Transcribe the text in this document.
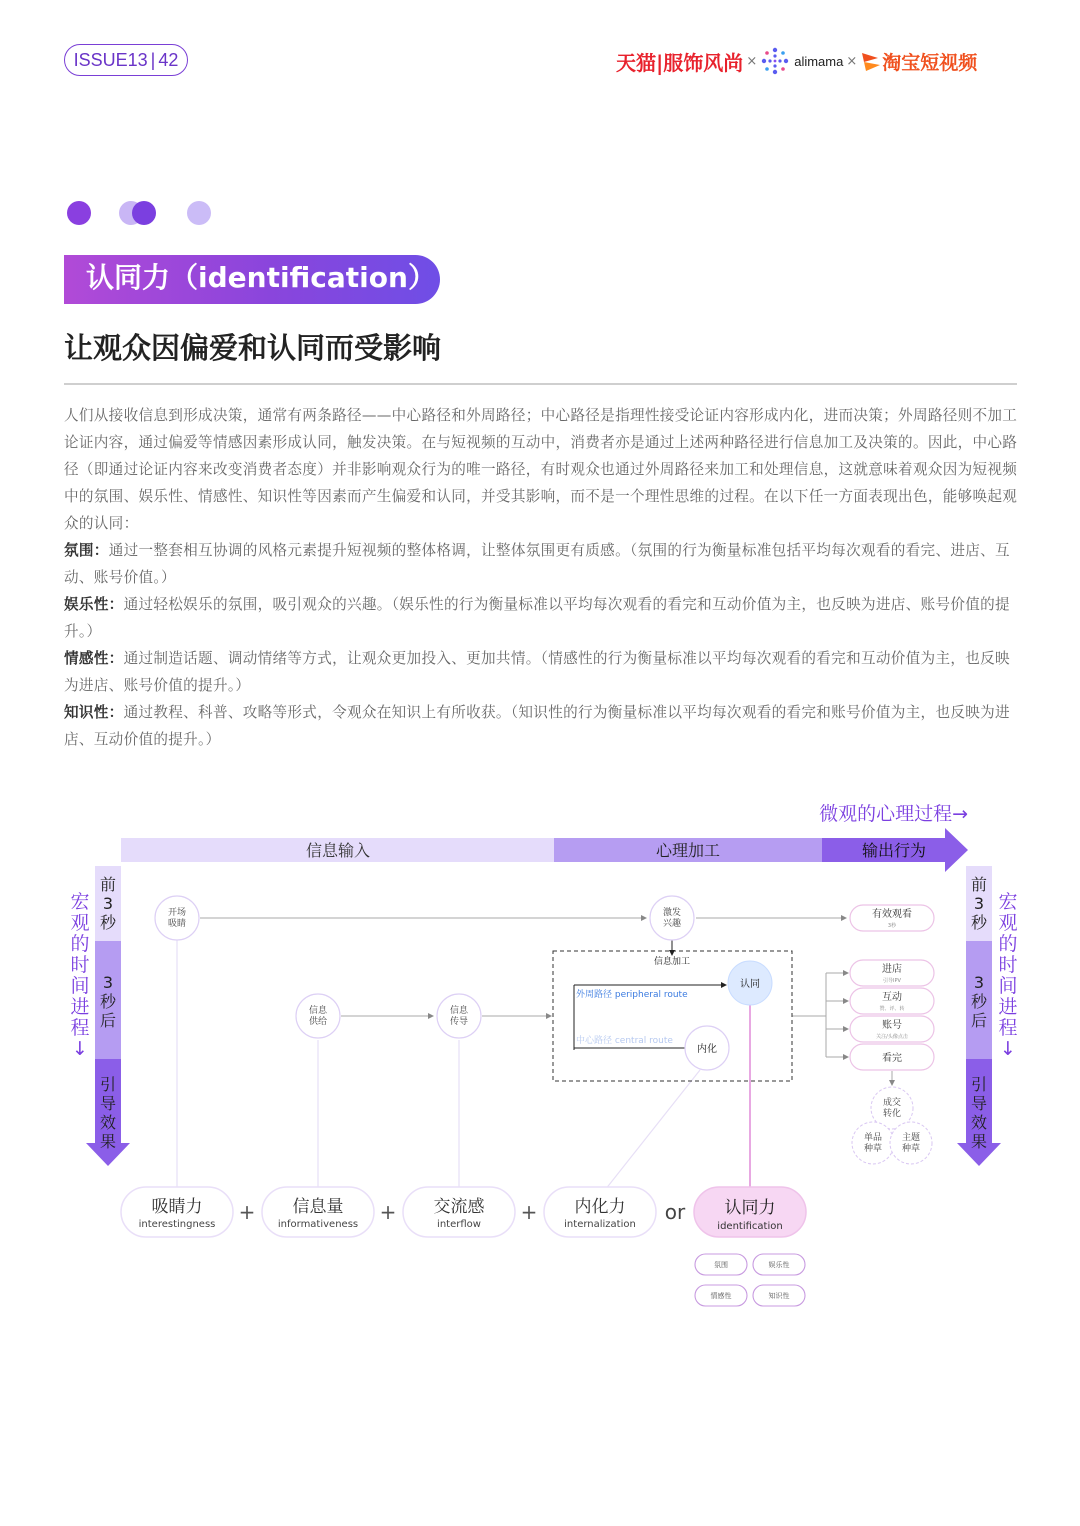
ISSUE13 | 42	天猫|服饰风尚 ×	alimama × 淘宝短视频
认同力（identification）
让观众因偏爱和认同而受影响
人们从接收信息到形成决策，通常有两条路径——中心路径和外周路径；中心路径是指理性接受论证内容形成内化，进而决策；外周路径则不加工论证内容，通过偏爱等情感因素形成认同，触发决策。在与短视频的互动中，消费者亦是通过上述两种路径进行信息加工及决策的。因此，中心路径（即通过论证内容来改变消费者态度）并非影响观众行为的唯一路径，有时观众也通过外周路径来加工和处理信息，这就意味着观众因为短视频中的氛围、娱乐性、情感性、知识性等因素而产生偏爱和认同，并受其影响，而不是一个理性思维的过程。在以下任一方面表现出色，能够唤起观众的认同：
氛围：通过一整套相互协调的风格元素提升短视频的整体格调，让整体氛围更有质感。（氛围的行为衡量标准包括平均每次观看的看完、进店、互动、账号价值。）
娱乐性：通过轻松娱乐的氛围，吸引观众的兴趣。（娱乐性的行为衡量标准以平均每次观看的看完和互动价值为主，也反映为进店、账号价值的提升。）
情感性：通过制造话题、调动情绪等方式，让观众更加投入、更加共情。（情感性的行为衡量标准以平均每次观看的看完和互动价值为主，也反映为进店、账号价值的提升。）
知识性：通过教程、科普、攻略等形式，令观众在知识上有所收获。（知识性的行为衡量标准以平均每次观看的看完和账号价值为主，也反映为进店、互动价值的提升。）
微观的心理过程→
信息输入	心理加工	输出行为
前 3 秒
3 秒后
引导效果
前 3 秒
3 秒后
引导效果
宏观的时间进程↓
宏观的时间进程↓
信息加工
外周路径 peripheral route
中心路径 central route
开场吸睛
信息供给
信息传导
激发兴趣
认同
内化
有效观看
3秒
进店
引导IPV
互动
赞、评、转
账号
关注/头像点击
看完
成交转化
单品种草
主题种草
吸睛力
interestingness
信息量
informativeness
交流感
interflow
内化力
internalization
认同力
identification
+	+	+	or
氛围	娱乐性
情感性	知识性
